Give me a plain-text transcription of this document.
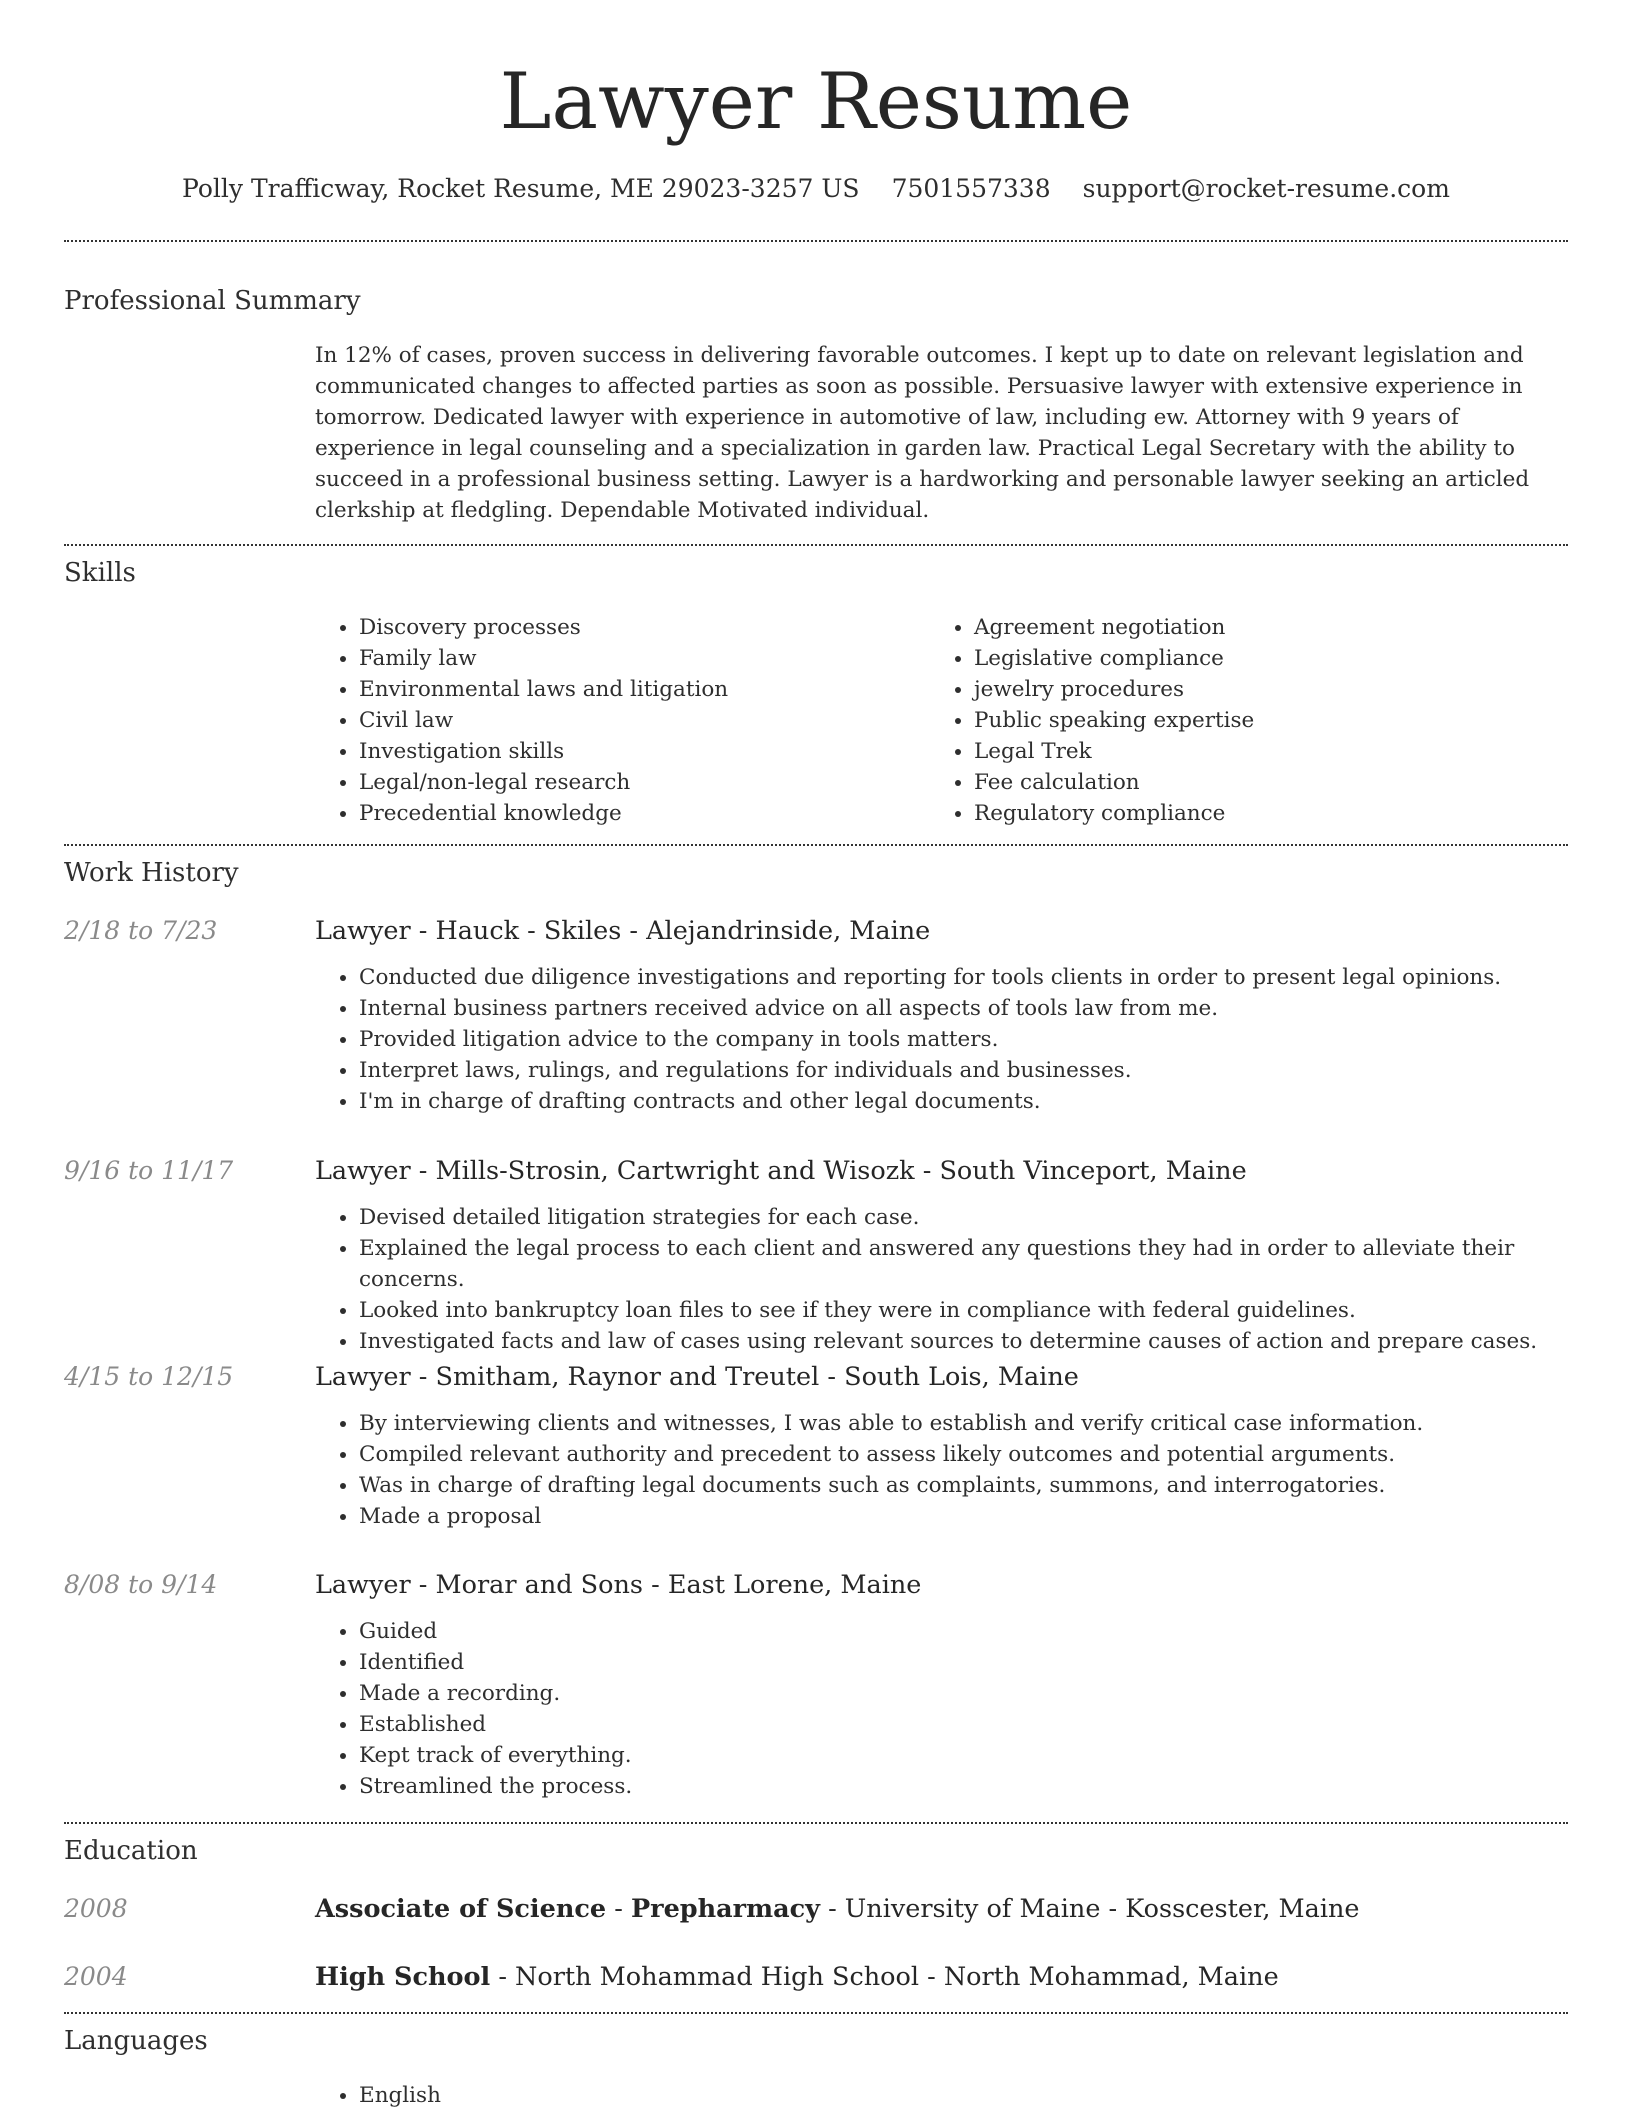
Lawyer Resume
Polly Trafficway, Rocket Resume, ME 29023-3257 US 7501557338 support@rocket-resume.com
Professional Summary
In 12% of cases, proven success in delivering favorable outcomes. I kept up to date on relevant legislation and communicated changes to affected parties as soon as possible. Persuasive lawyer with extensive experience in tomorrow. Dedicated lawyer with experience in automotive of law, including ew. Attorney with 9 years of experience in legal counseling and a specialization in garden law. Practical Legal Secretary with the ability to succeed in a professional business setting. Lawyer is a hardworking and personable lawyer seeking an articled clerkship at fledgling. Dependable Motivated individual.
Skills
• Discovery processes
• Family law
• Environmental laws and litigation
• Civil law
• Investigation skills
• Legal/non-legal research
• Precedential knowledge
• Agreement negotiation
• Legislative compliance
• jewelry procedures
• Public speaking expertise
• Legal Trek
• Fee calculation
• Regulatory compliance
Work History
2/18 to 7/23	Lawyer - Hauck - Skiles - Alejandrinside, Maine
• Conducted due diligence investigations and reporting for tools clients in order to present legal opinions.
• Internal business partners received advice on all aspects of tools law from me.
• Provided litigation advice to the company in tools matters.
• Interpret laws, rulings, and regulations for individuals and businesses.
• I'm in charge of drafting contracts and other legal documents.
9/16 to 11/17	Lawyer - Mills-Strosin, Cartwright and Wisozk - South Vinceport, Maine
• Devised detailed litigation strategies for each case.
• Explained the legal process to each client and answered any questions they had in order to alleviate their concerns.
• Looked into bankruptcy loan files to see if they were in compliance with federal guidelines.
• Investigated facts and law of cases using relevant sources to determine causes of action and prepare cases.
4/15 to 12/15	Lawyer - Smitham, Raynor and Treutel - South Lois, Maine
• By interviewing clients and witnesses, I was able to establish and verify critical case information.
• Compiled relevant authority and precedent to assess likely outcomes and potential arguments.
• Was in charge of drafting legal documents such as complaints, summons, and interrogatories.
• Made a proposal
8/08 to 9/14	Lawyer - Morar and Sons - East Lorene, Maine
• Guided
• Identified
• Made a recording.
• Established
• Kept track of everything.
• Streamlined the process.
Education
2008	Associate of Science - Prepharmacy - University of Maine - Kosscester, Maine
2004	High School - North Mohammad High School - North Mohammad, Maine
Languages
• English
